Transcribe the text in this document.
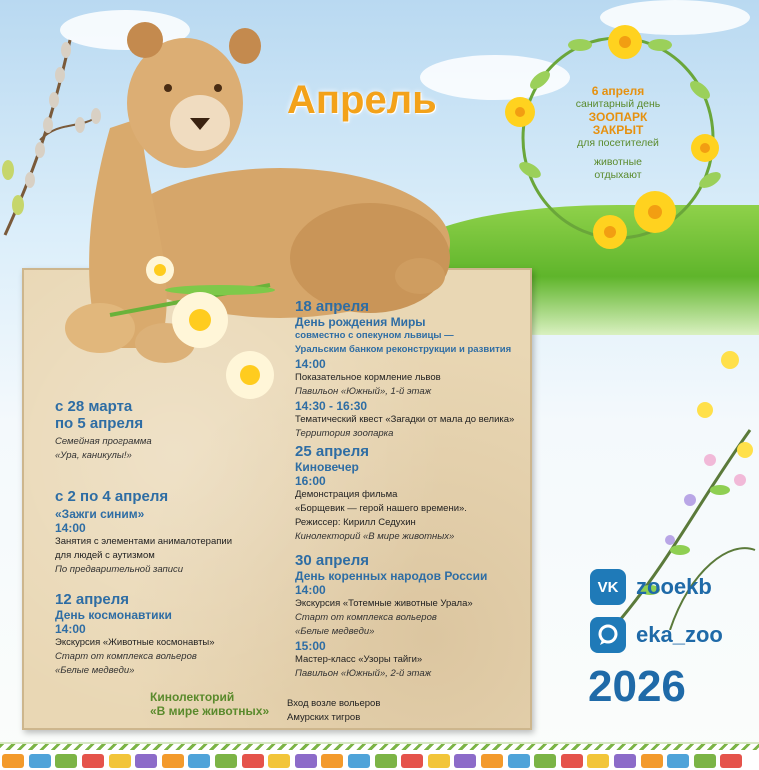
Апрель	6 апреля
санитарный день
ЗООПАРК
ЗАКРЫТ
для посетителей
животные
отдыхают
с 28 марта
по 5 апреля
Семейная программа
«Ура, каникулы!»
с 2 по 4 апреля
«Зажги синим»
14:00
Занятия с элементами анималотерапии
для людей с аутизмом
По предварительной записи
12 апреля
День космонавтики
14:00
Экскурсия «Животные космонавты»
Старт от комплекса вольеров
«Белые медведи»
Кинолекторий
«В мире животных»
Вход возле вольеров
Амурских тигров
18 апреля
День рождения Миры
совместно с опекуном львицы —
Уральским банком реконструкции и развития
14:00
Показательное кормление львов
Павильон «Южный», 1-й этаж
14:30 - 16:30
Тематический квест «Загадки от мала до велика»
Территория зоопарка
25 апреля
Киновечер
16:00
Демонстрация фильма
«Борщевик — герой нашего времени».
Режиссер: Кирилл Седухин
Кинолекторий «В мире животных»
30 апреля
День коренных народов России
14:00
Экскурсия «Тотемные животные Урала»
Старт от комплекса вольеров
«Белые медведи»
15:00
Мастер-класс «Узоры тайги»
Павильон «Южный», 2-й этаж
VK zooekb
eka_zoo
2026
